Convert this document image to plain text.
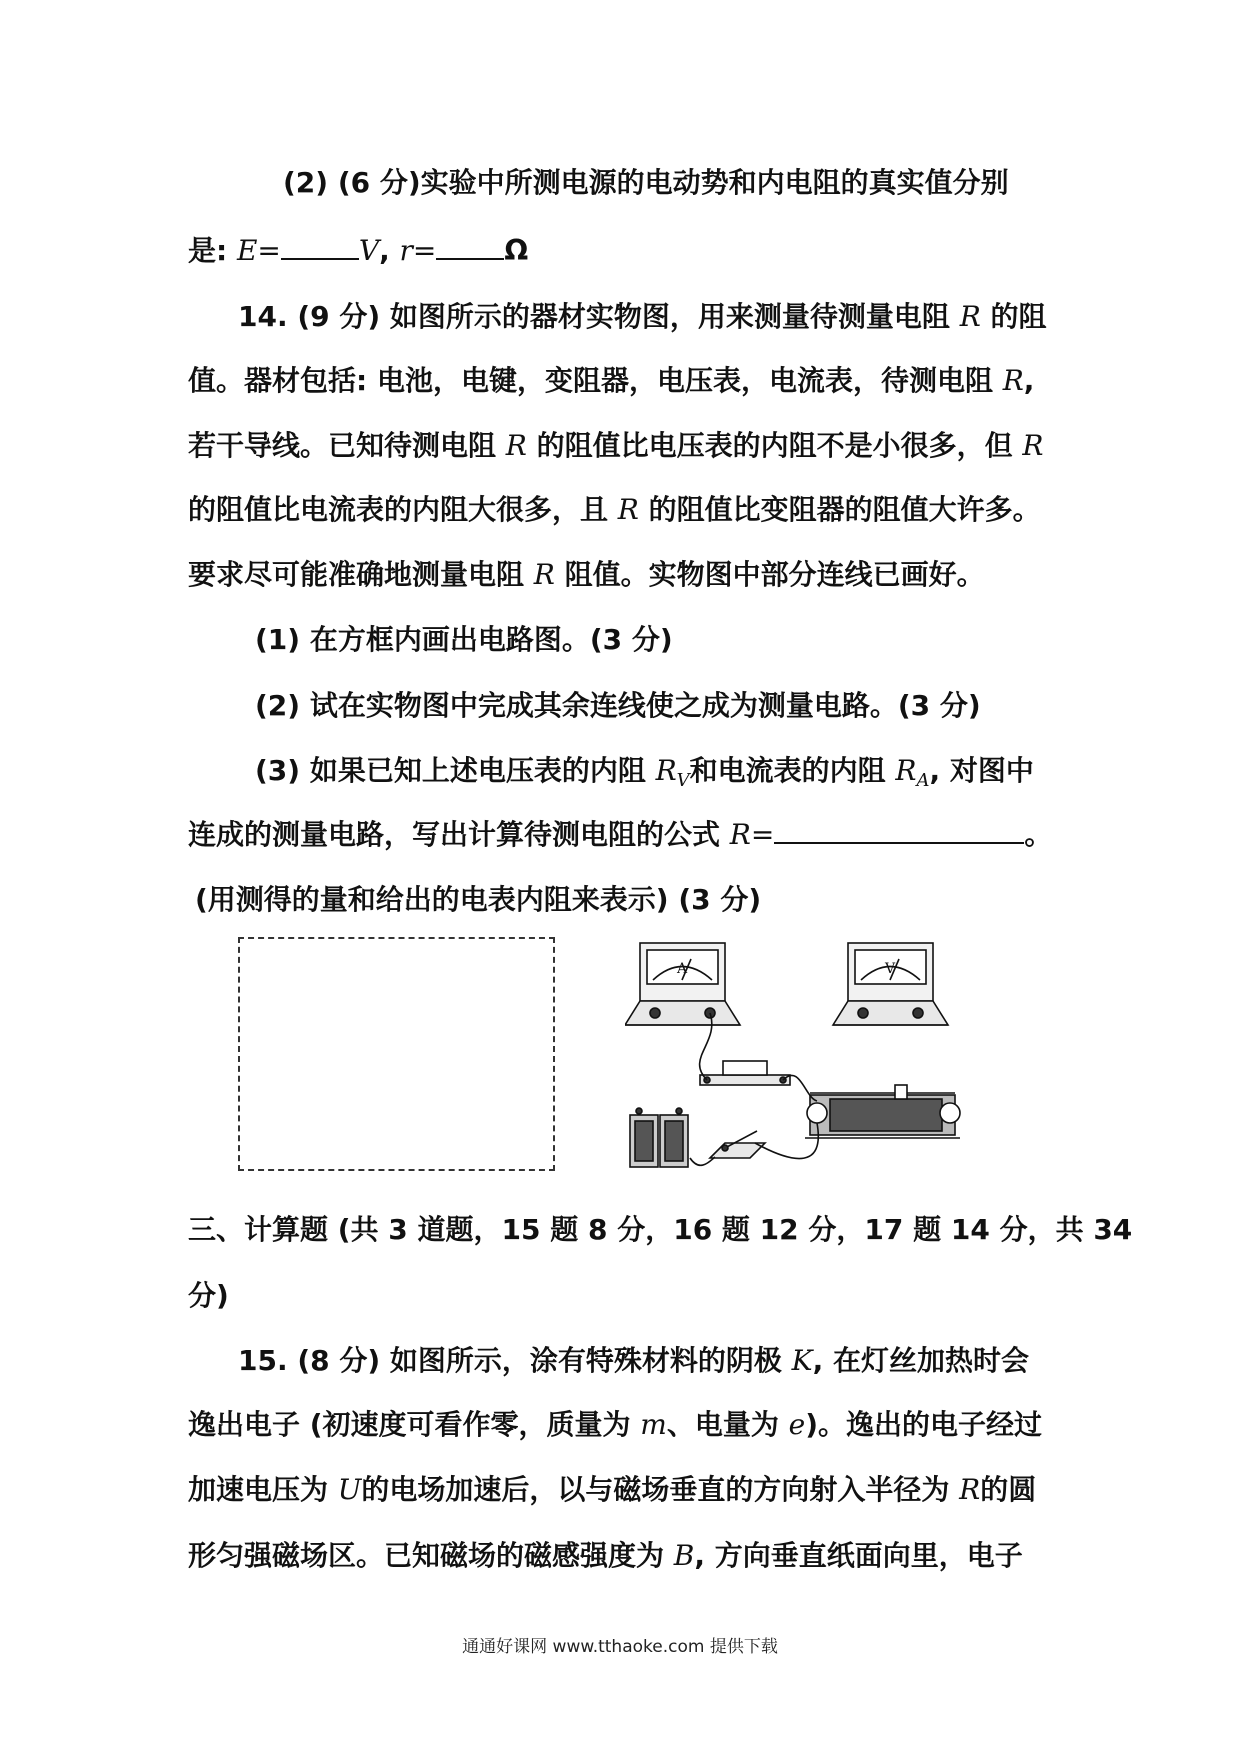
(2) (6 分)实验中所测电源的电动势和内电阻的真实值分别
是: E=	V, r= Ω
14. (9 分) 如图所示的器材实物图，用来测量待测量电阻 R 的阻
值。器材包括: 电池，电键，变阻器，电压表，电流表，待测电阻 R,
若干导线。已知待测电阻 R 的阻值比电压表的内阻不是小很多，但 R
的阻值比电流表的内阻大很多，且 R 的阻值比变阻器的阻值大许多。
要求尽可能准确地测量电阻 R 阻值。实物图中部分连线已画好。
(1) 在方框内画出电路图。(3 分)
(2) 试在实物图中完成其余连线使之成为测量电路。(3 分)
(3) 如果已知上述电压表的内阻 $R_V$和电流表的内阻 $R_A$, 对图中
连成的测量电路，写出计算待测电阻的公式 R=	。
(用测得的量和给出的电表内阻来表示) (3 分)
A	V
三、计算题 (共 3 道题，15 题 8 分，16 题 12 分，17 题 14 分，共 34
分)
15. (8 分) 如图所示，涂有特殊材料的阴极 K, 在灯丝加热时会
逸出电子 (初速度可看作零，质量为 m、电量为 e)。逸出的电子经过
加速电压为 U的电场加速后，以与磁场垂直的方向射入半径为 R的圆
形匀强磁场区。已知磁场的磁感强度为 B, 方向垂直纸面向里，电子
通通好课网 www.tthaoke.com 提供下载
